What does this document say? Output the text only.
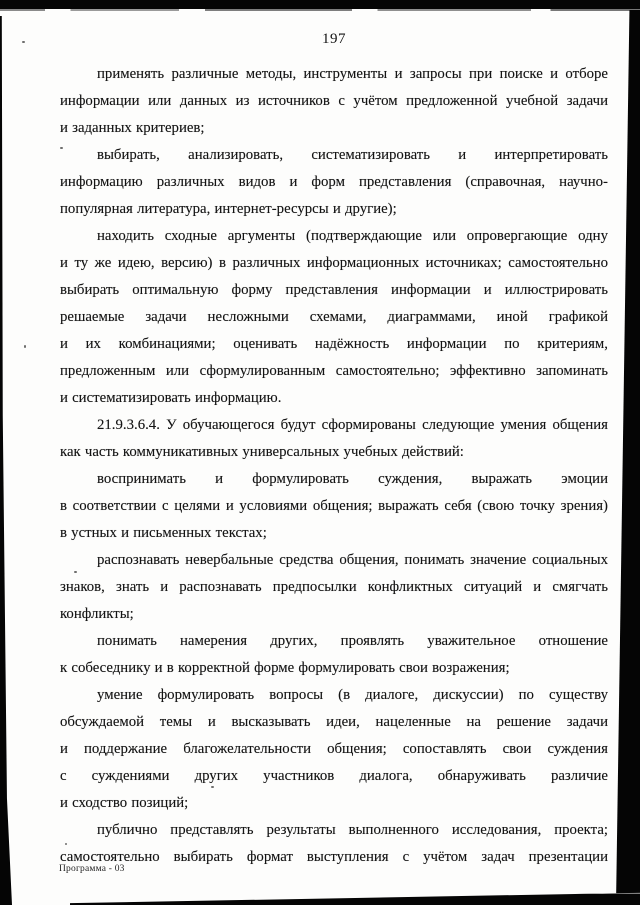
197
применять различные методы, инструменты и запросы при поиске и отборе
информации или данных из источников с учётом предложенной учебной задачи
и заданных критериев;
выбирать, анализировать, систематизировать и интерпретировать
информацию различных видов и форм представления (справочная, научно-
популярная литература, интернет-ресурсы и другие);
находить сходные аргументы (подтверждающие или опровергающие одну
и ту же идею, версию) в различных информационных источниках; самостоятельно
выбирать оптимальную форму представления информации и иллюстрировать
решаемые задачи несложными схемами, диаграммами, иной графикой
и их комбинациями; оценивать надёжность информации по критериям,
предложенным или сформулированным самостоятельно; эффективно запоминать
и систематизировать информацию.
21.9.3.6.4. У обучающегося будут сформированы следующие умения общения
как часть коммуникативных универсальных учебных действий:
воспринимать и формулировать суждения, выражать эмоции
в соответствии с целями и условиями общения; выражать себя (свою точку зрения)
в устных и письменных текстах;
распознавать невербальные средства общения, понимать значение социальных
знаков, знать и распознавать предпосылки конфликтных ситуаций и смягчать
конфликты;
понимать намерения других, проявлять уважительное отношение
к собеседнику и в корректной форме формулировать свои возражения;
умение формулировать вопросы (в диалоге, дискуссии) по существу
обсуждаемой темы и высказывать идеи, нацеленные на решение задачи
и поддержание благожелательности общения; сопоставлять свои суждения
с суждениями других участников диалога, обнаруживать различие
и сходство позиций;
публично представлять результаты выполненного исследования, проекта;
самостоятельно выбирать формат выступления с учётом задач презентации
Программа - 03
